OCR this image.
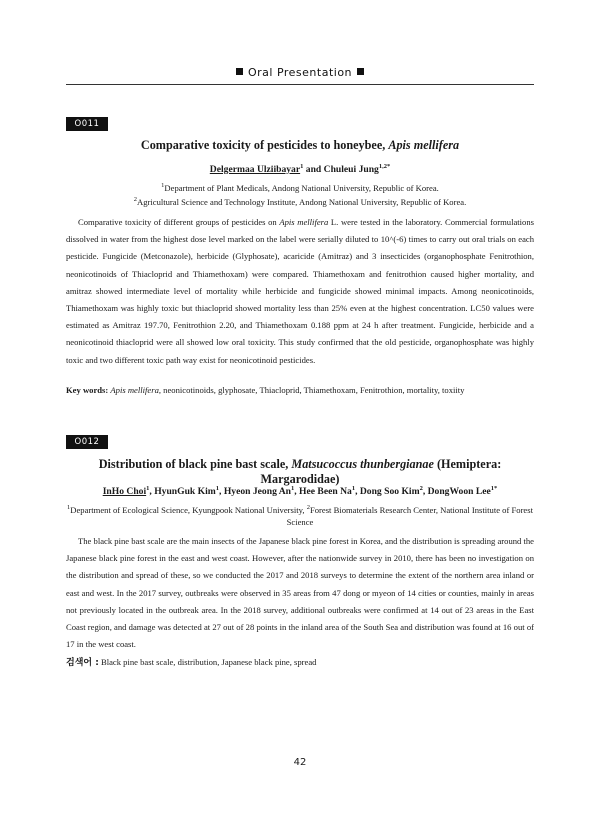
Oral Presentation
O011
Comparative toxicity of pesticides to honeybee, Apis mellifera
Delgermaa Ulziibayar$^1$ and Chuleui Jung$^{1,2*}$
$^1$Department of Plant Medicals, Andong National University, Republic of Korea.
$^2$Agricultural Science and Technology Institute, Andong National University, Republic of Korea.

Comparative toxicity of different groups of pesticides on Apis mellifera L. were tested in the laboratory. Commercial formulations dissolved in water from the highest dose level marked on the label were serially diluted to 10^(-6) times to carry out oral trials on each pesticide. Fungicide (Metconazole), herbicide (Glyphosate), acaricide (Amitraz) and 3 insecticides (organophosphate Fenitrothion, neonicotinoids of Thiacloprid and Thiamethoxam) were compared. Thiamethoxam and fenitrothion caused higher mortality, and amitraz showed intermediate level of mortality while herbicide and fungicide showed minimal impacts. Among neonicotinoids, Thiamethoxam was highly toxic but thiacloprid showed mortality less than 25% even at the highest concentration. LC50 values were estimated as Amitraz 197.70, Fenitrothion 2.20, and Thiamethoxam 0.188 ppm at 24 h after treatment. Fungicide, herbicide and a neonicotinoid thiacloprid were all showed low oral toxicity. This study confirmed that the old pesticide, organophosphate was highly toxic and two different toxic path way exist for neonicotinoid pesticides.

Key words: Apis mellifera, neonicotinoids, glyphosate, Thiacloprid, Thiamethoxam, Fenitrothion, mortality, toxiity
O012
Distribution of black pine bast scale, Matsucoccus thunbergianae (Hemiptera: Margarodidae)
InHo Choi$^1$, HyunGuk Kim$^1$, Hyeon Jeong An$^1$, Hee Been Na$^1$, Dong Soo Kim$^2$, DongWoon Lee$^{1*}$
$^1$Department of Ecological Science, Kyungpook National University, $^2$Forest Biomaterials Research Center, National Institute of Forest Science

The black pine bast scale are the main insects of the Japanese black pine forest in Korea, and the distribution is spreading around the Japanese black pine forest in the east and west coast. However, after the nationwide survey in 2010, there has been no investigation on the distribution and spread of these, so we conducted the 2017 and 2018 surveys to determine the extent of the northern area inland or east and west. In the 2017 survey, outbreaks were observed in 35 areas from 47 dong or myeon of 14 cities or counties, mainly in areas not previously located in the outbreak area. In the 2018 survey, additional outbreaks were confirmed at 14 out of 23 areas in the East Coast region, and damage was detected at 27 out of 28 points in the inland area of the South Sea and distribution was found at 16 out of 17 in the west coast.

검색어 : Black pine bast scale, distribution, Japanese black pine, spread
42
